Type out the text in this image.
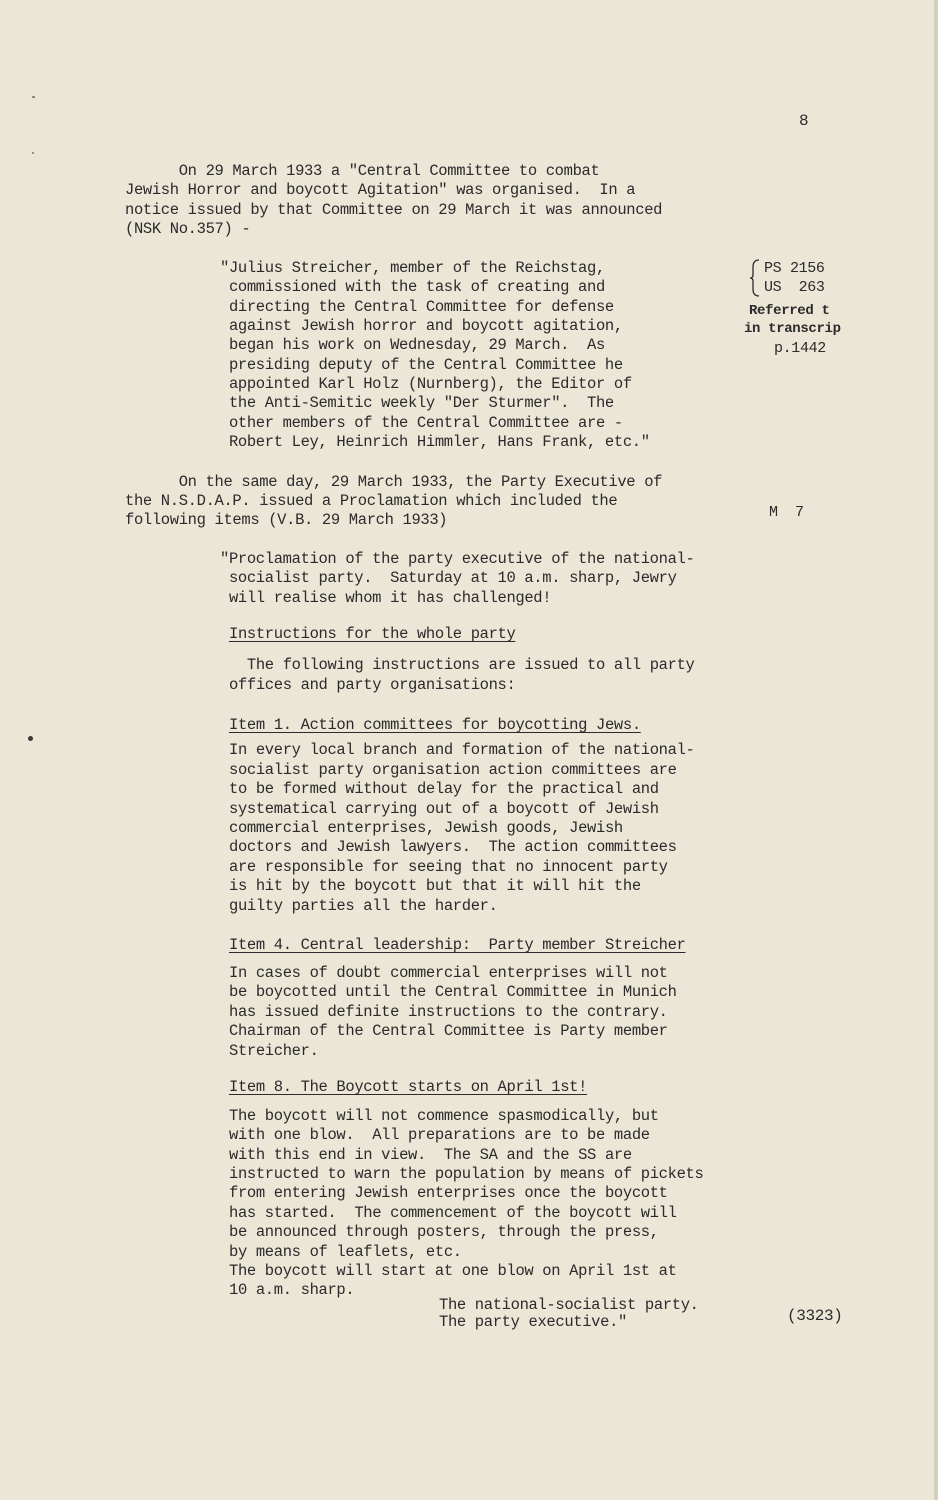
8

On 29 March 1933 a "Central Committee to combat

Jewish Horror and boycott Agitation" was organised.  In a

notice issued by that Committee on 29 March it was announced

(NSK No.357) -

"Julius Streicher, member of the Reichstag,

commissioned with the task of creating and

directing the Central Committee for defense

against Jewish horror and boycott agitation,

began his work on Wednesday, 29 March.  As

presiding deputy of the Central Committee he

appointed Karl Holz (Nurnberg), the Editor of

the Anti-Semitic weekly "Der Sturmer".  The

other members of the Central Committee are -

Robert Ley, Heinrich Himmler, Hans Frank, etc."

PS 2156
US  263
Referred t
in transcrip
p.1442

On the same day, 29 March 1933, the Party Executive of

the N.S.D.A.P. issued a Proclamation which included the

following items (V.B. 29 March 1933)	M  7

"Proclamation of the party executive of the national-

socialist party.  Saturday at 10 a.m. sharp, Jewry

will realise whom it has challenged!

Instructions for the whole party

The following instructions are issued to all party

offices and party organisations:

Item 1. Action committees for boycotting Jews.

In every local branch and formation of the national-

socialist party organisation action committees are

to be formed without delay for the practical and

systematical carrying out of a boycott of Jewish

commercial enterprises, Jewish goods, Jewish

doctors and Jewish lawyers.  The action committees

are responsible for seeing that no innocent party

is hit by the boycott but that it will hit the

guilty parties all the harder.

Item 4. Central leadership:  Party member Streicher

In cases of doubt commercial enterprises will not

be boycotted until the Central Committee in Munich

has issued definite instructions to the contrary.

Chairman of the Central Committee is Party member

Streicher.

Item 8. The Boycott starts on April 1st!

The boycott will not commence spasmodically, but

with one blow.  All preparations are to be made

with this end in view.  The SA and the SS are

instructed to warn the population by means of pickets

from entering Jewish enterprises once the boycott

has started.  The commencement of the boycott will

be announced through posters, through the press,

by means of leaflets, etc.

The boycott will start at one blow on April 1st at

10 a.m. sharp.

The national-socialist party.

The party executive."	(3323)
